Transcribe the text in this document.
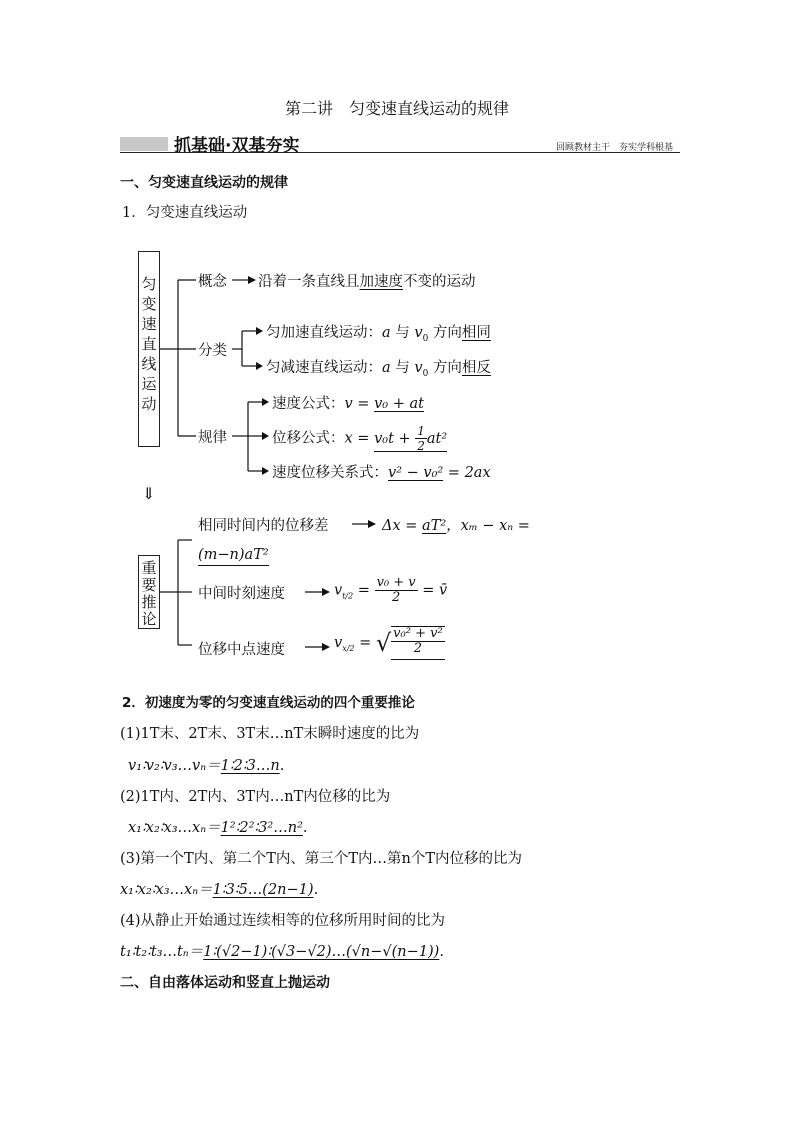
第二讲　匀变速直线运动的规律
抓基础·双基夯实	回顾教材主干　夯实学科根基
一、匀变速直线运动的规律
1．匀变速直线运动
匀
变
速
直
线
运
动
概念 沿着一条直线且加速度不变的运动
分类
匀加速直线运动：a 与 $v_0$ 方向相同
匀减速直线运动：a 与 $v_0$ 方向相反
规律
速度公式：v = v₀ + at
位移公式：$x = v_0t + \frac{1}{2} at^2$
速度位移关系式：v² − v₀² = 2ax
⇓
重
要
推
论
相同时间内的位移差	Δx = aT²，xₘ − xₙ =
(m−n)aT²
中间时刻速度	$v_{t/2} = \frac{\text{v₀ + v}}{2}$ = v̄
位移中点速度	$v_{x/2}$ = √ $\frac{\text{v₀² + v²}}{2}$
2．初速度为零的匀变速直线运动的四个重要推论
(1)1T末、2T末、3T末…nT末瞬时速度的比为
v₁∶v₂∶v₃…vₙ＝1∶2∶3…n.
(2)1T内、2T内、3T内…nT内位移的比为
x₁∶x₂∶x₃…xₙ＝1²∶2²∶3²…n².
(3)第一个T内、第二个T内、第三个T内…第n个T内位移的比为
x₁∶x₂∶x₃…xₙ＝1∶3∶5…(2n−1).
(4)从静止开始通过连续相等的位移所用时间的比为
t₁∶t₂∶t₃…tₙ＝1∶(√2−1)∶(√3−√2)…(√n−√(n−1)).
二、自由落体运动和竖直上抛运动
